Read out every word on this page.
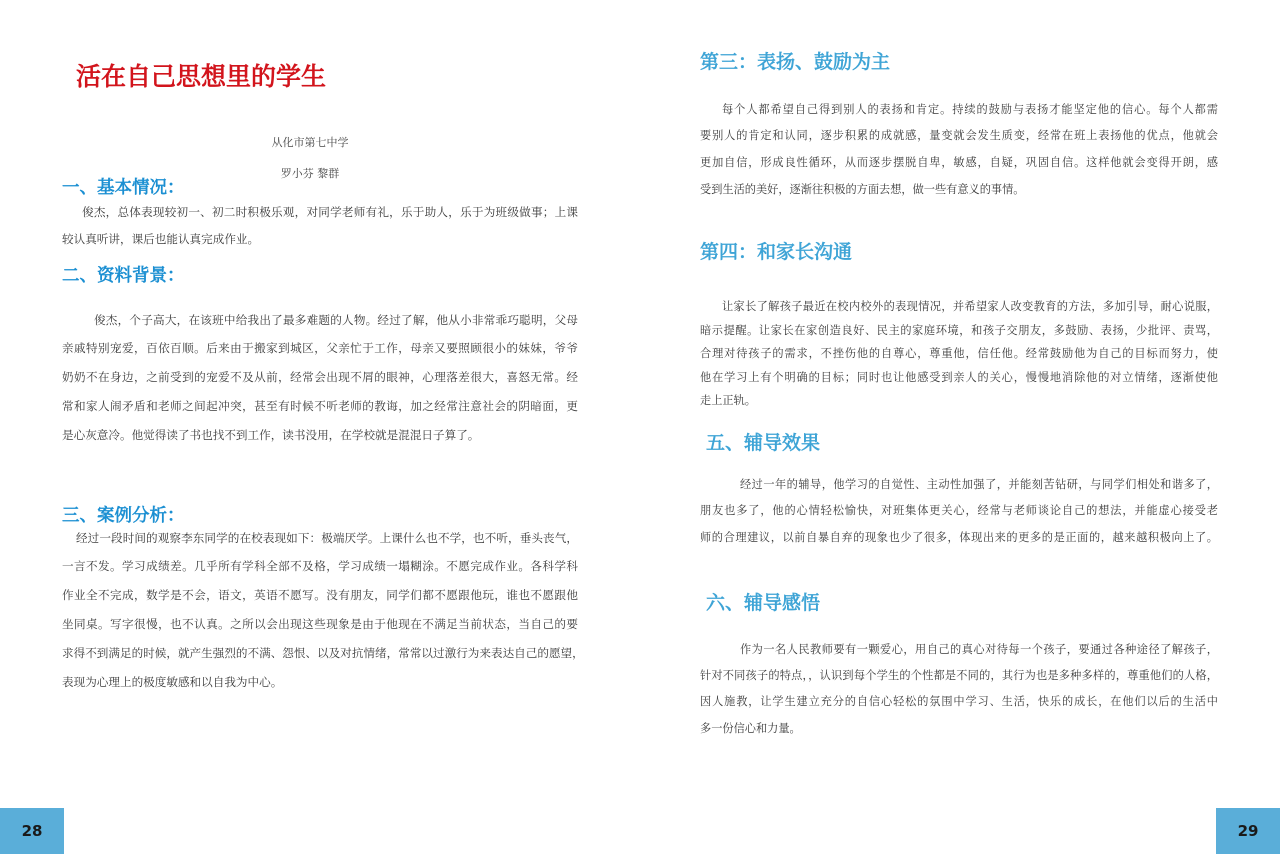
活在自己思想里的学生
从化市第七中学
罗小芬 黎群
一、基本情况：
俊杰，总体表现较初一、初二时积极乐观，对同学老师有礼，乐于助人，乐于为班级做事；上课
较认真听讲，课后也能认真完成作业。
二、资料背景：
俊杰，个子高大，在该班中给我出了最多难题的人物。经过了解，他从小非常乖巧聪明，父母
亲戚特别宠爱，百依百顺。后来由于搬家到城区，父亲忙于工作，母亲又要照顾很小的妹妹，爷爷
奶奶不在身边，之前受到的宠爱不及从前，经常会出现不屑的眼神，心理落差很大，喜怒无常。经
常和家人闹矛盾和老师之间起冲突，甚至有时候不听老师的教诲，加之经常注意社会的阴暗面，更
是心灰意冷。他觉得读了书也找不到工作，读书没用，在学校就是混混日子算了。
三、案例分析：
经过一段时间的观察李东同学的在校表现如下：极端厌学。上课什么也不学，也不听，垂头丧气，
一言不发。学习成绩差。几乎所有学科全部不及格，学习成绩一塌糊涂。不愿完成作业。各科学科
作业全不完成，数学是不会，语文，英语不愿写。没有朋友，同学们都不愿跟他玩，谁也不愿跟他
坐同桌。写字很慢，也不认真。之所以会出现这些现象是由于他现在不满足当前状态，当自己的要
求得不到满足的时候，就产生强烈的不满、怨恨、以及对抗情绪，常常以过激行为来表达自己的愿望，
表现为心理上的极度敏感和以自我为中心。
28
第三：表扬、鼓励为主
每个人都希望自己得到别人的表扬和肯定。持续的鼓励与表扬才能坚定他的信心。每个人都需
要别人的肯定和认同，逐步积累的成就感，量变就会发生质变，经常在班上表扬他的优点，他就会
更加自信，形成良性循环，从而逐步摆脱自卑，敏感，自疑，巩固自信。这样他就会变得开朗，感
受到生活的美好，逐渐往积极的方面去想，做一些有意义的事情。
第四：和家长沟通
让家长了解孩子最近在校内校外的表现情况，并希望家人改变教育的方法，多加引导，耐心说服，
暗示提醒。让家长在家创造良好、民主的家庭环境，和孩子交朋友，多鼓励、表扬，少批评、责骂，
合理对待孩子的需求，不挫伤他的自尊心，尊重他，信任他。经常鼓励他为自己的目标而努力，使
他在学习上有个明确的目标；同时也让他感受到亲人的关心，慢慢地消除他的对立情绪，逐渐使他
走上正轨。
五、辅导效果
经过一年的辅导，他学习的自觉性、主动性加强了，并能刻苦钻研，与同学们相处和谐多了，
朋友也多了，他的心情轻松愉快，对班集体更关心，经常与老师谈论自己的想法，并能虚心接受老
师的合理建议，以前自暴自弃的现象也少了很多，体现出来的更多的是正面的，越来越积极向上了。
六、辅导感悟
作为一名人民教师要有一颗爱心，用自己的真心对待每一个孩子，要通过各种途径了解孩子，
针对不同孩子的特点，，认识到每个学生的个性都是不同的，其行为也是多种多样的，尊重他们的人格，
因人施教，让学生建立充分的自信心轻松的氛围中学习、生活，快乐的成长，在他们以后的生活中
多一份信心和力量。
29
